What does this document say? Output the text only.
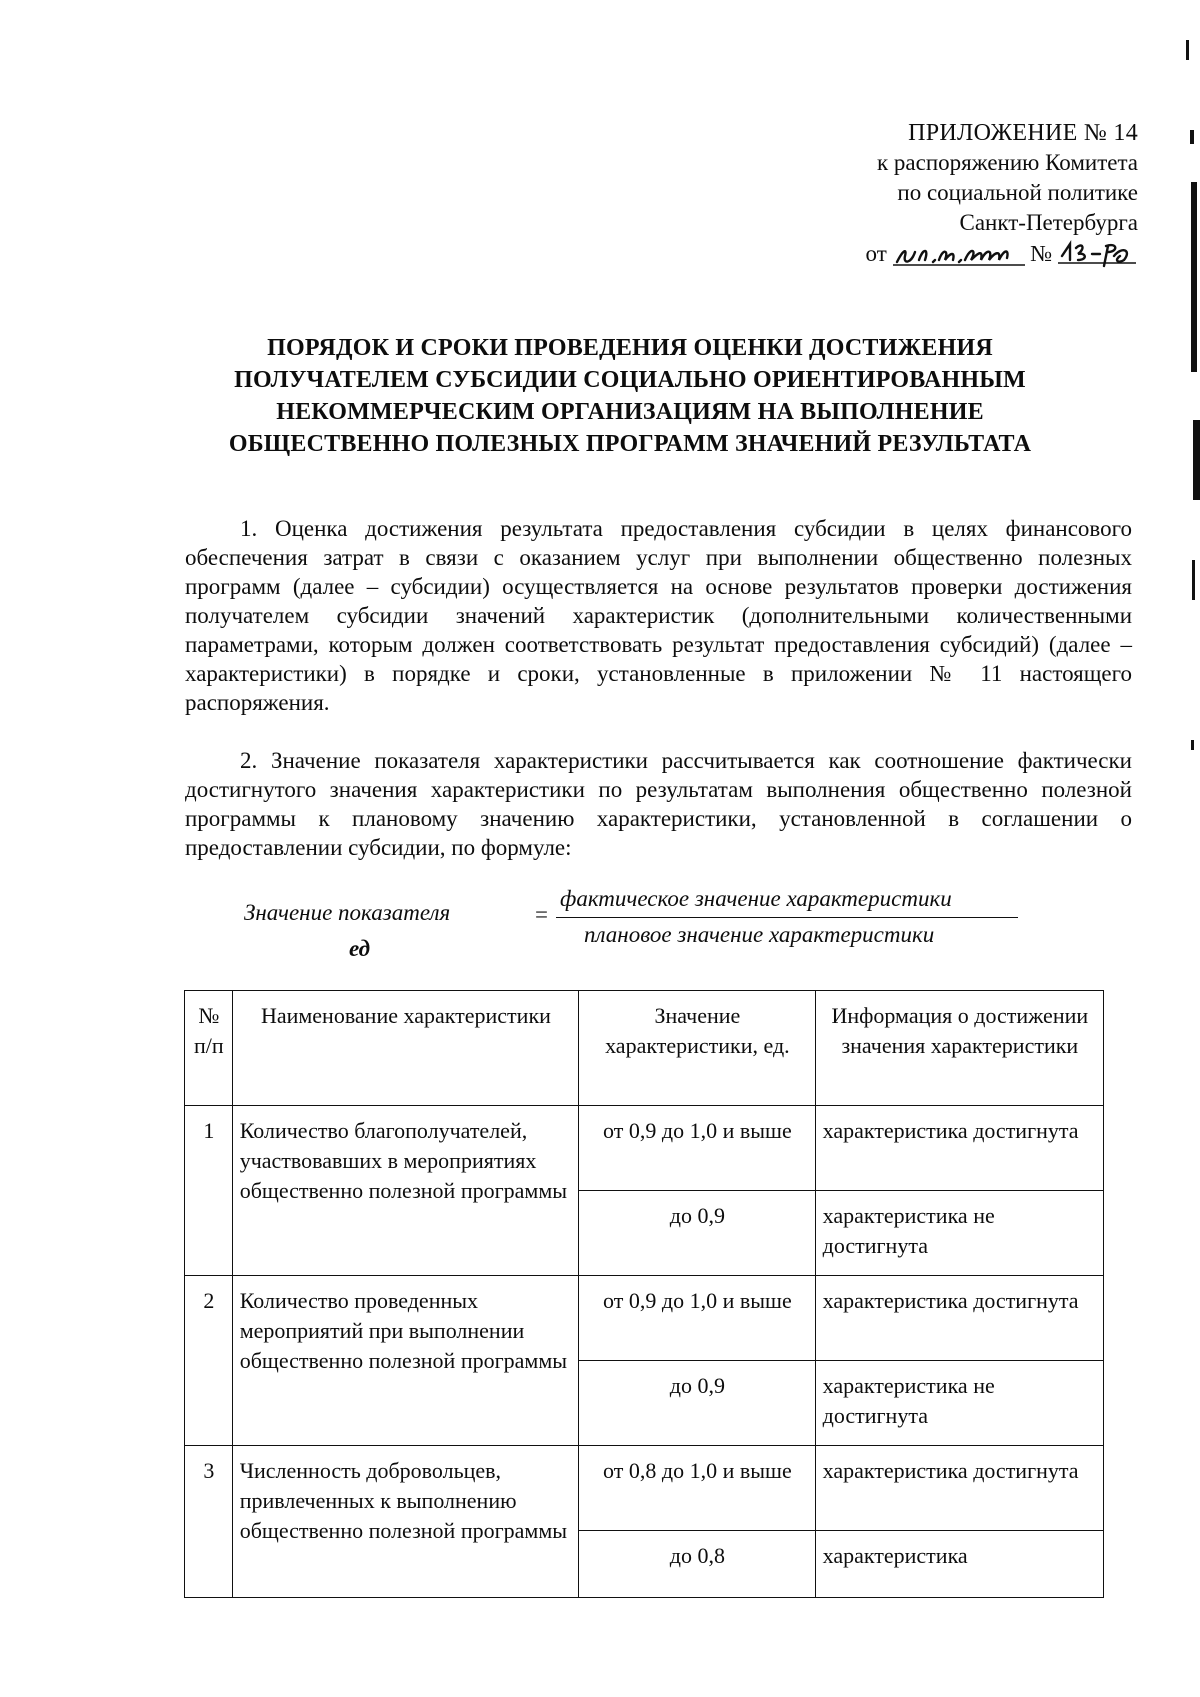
ПРИЛОЖЕНИЕ № 14
к распоряжению Комитета
по социальной политике
Санкт-Петербурга
от	№
ПОРЯДОК И СРОКИ ПРОВЕДЕНИЯ ОЦЕНКИ ДОСТИЖЕНИЯ
ПОЛУЧАТЕЛЕМ СУБСИДИИ СОЦИАЛЬНО ОРИЕНТИРОВАННЫМ
НЕКОММЕРЧЕСКИМ ОРГАНИЗАЦИЯМ НА ВЫПОЛНЕНИЕ
ОБЩЕСТВЕННО ПОЛЕЗНЫХ ПРОГРАММ ЗНАЧЕНИЙ РЕЗУЛЬТАТА
1. Оценка достижения результата предоставления субсидии в целях финансового обеспечения затрат в связи с оказанием услуг при выполнении общественно полезных программ (далее – субсидии) осуществляется на основе результатов проверки достижения получателем субсидии значений характеристик (дополнительными количественными параметрами, которым должен соответствовать результат предоставления субсидий) (далее – характеристики) в порядке и сроки, установленные в приложении № 11 настоящего распоряжения.
2. Значение показателя характеристики рассчитывается как соотношение фактически достигнутого значения характеристики по результатам выполнения общественно полезной программы к плановому значению характеристики, установленной в соглашении о предоставлении субсидии, по формуле:
Значение показателя
ед
=
фактическое значение характеристики
плановое значение характеристики
№ п/п	Наименование характеристики	Значение характеристики, ед.	Информация о достижении значения характеристики
1	Количество благополучателей, участвовавших в мероприятиях общественно полезной программы	от 0,9 до 1,0 и выше	характеристика достигнута
		до 0,9	характеристика не достигнута
2	Количество проведенных мероприятий при выполнении общественно полезной программы	от 0,9 до 1,0 и выше	характеристика достигнута
		до 0,9	характеристика не достигнута
3	Численность добровольцев, привлеченных к выполнению общественно полезной программы	от 0,8 до 1,0 и выше	характеристика достигнута
		до 0,8	характеристика
